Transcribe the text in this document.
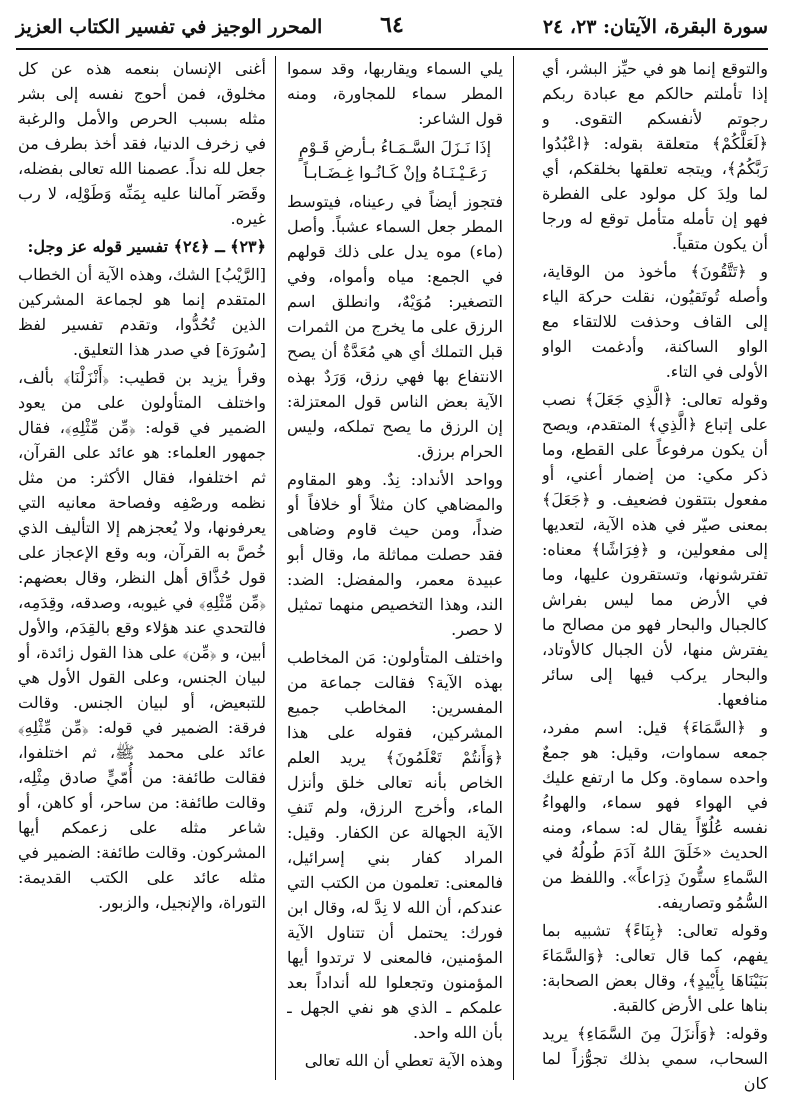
سورة البقرة، الآيتان: ٢٣، ٢٤
٦٤
المحرر الوجيز في تفسير الكتاب العزيز

والتوقع إنما هو في حيِّز البشر، أي إذا تأملتم حالكم مع عبادة ربكم رجوتم لأنفسكم التقوى. و ﴿لَعَلَّكُمْ﴾ متعلقة بقوله: ﴿اعْبُدُوا رَبَّكُمُ﴾، ويتجه تعلقها بخلقكم، أي لما ولِدَ كل مولود على الفطرة فهو إن تأمله متأمل توقع له ورجا أن يكون متقياً.

و ﴿تَتَّقُونَ﴾ مأخوذ من الوقاية، وأصله تُوتَقيُون، نقلت حركة الياء إلى القاف وحذفت للالتقاء مع الواو الساكنة، وأدغمت الواو الأولى في التاء.

وقوله تعالى: ﴿الَّذِي جَعَلَ﴾ نصب على إتباع ﴿الَّذِي﴾ المتقدم، ويصح أن يكون مرفوعاً على القطع، وما ذكر مكي: من إضمار أعني، أو مفعول بتتقون فضعيف. و ﴿جَعَلَ﴾ بمعنى صيّر في هذه الآية، لتعديها إلى مفعولين، و ﴿فِرَاشًا﴾ معناه: تفترشونها، وتستقرون عليها، وما في الأرض مما ليس بفراش كالجبال والبحار فهو من مصالح ما يفترش منها، لأن الجبال كالأوتاد، والبحار يركب فيها إلى سائر منافعها.

و ﴿السَّمَاءَ﴾ قيل: اسم مفرد، جمعه سماوات، وقيل: هو جمعٌ واحده سماوة. وكل ما ارتفع عليك في الهواء فهو سماء، والهواءُ نفسه عُلُوّاً يقال له: سماء، ومنه الحديث «خَلَقَ اللهُ آدَمَ طُولُهُ في السَّماءِ ستُّونَ ذِرَاعاً». واللفظ من السُّمُو وتصاريفه.

وقوله تعالى: ﴿بِنَاءً﴾ تشبيه بما يفهم، كما قال تعالى: ﴿وَالسَّمَاءَ بَنَيْنَاهَا بِأَيْيدٍ﴾، وقال بعض الصحابة: بناها على الأرض كالقبة.

وقوله: ﴿وَأَنزَلَ مِنَ السَّمَاءِ﴾ يريد السحاب، سمي بذلك تجوُّزاً لما كان

يلي السماء ويقاربها، وقد سموا المطر سماء للمجاورة، ومنه قول الشاعر:

إذَا نَـزَلَ السَّـمَـاءُ بـأرضِ قَـوْمٍ
رَعَـيْـنَـاهُ وإنْ كَـانُـوا غِـضَـابـاً

فتجوز أيضاً في رعيناه، فيتوسط المطر جعل السماء عشباً. وأصل (ماء) موه يدل على ذلك قولهم في الجمع: مياه وأمواه، وفي التصغير: مُوَيْهٌ، وانطلق اسم الرزق على ما يخرج من الثمرات قبل التملك أي هي مُعَدَّةٌ أن يصح الانتفاع بها فهي رزق، وَرَدٌ بهذه الآية بعض الناس قول المعتزلة: إن الرزق ما يصح تملكه، وليس الحرام برزق.

وواحد الأنداد: نِدٌ. وهو المقاوم والمضاهي كان مثلاً أو خلافاً أو ضداً، ومن حيث قاوم وضاهى فقد حصلت مماثلة ما، وقال أبو عبيدة معمر، والمفضل: الضد: الند، وهذا التخصيص منهما تمثيل لا حصر.

واختلف المتأولون: مَن المخاطب بهذه الآية؟ فقالت جماعة من المفسرين: المخاطب جميع المشركين، فقوله على هذا ﴿وَأَنتُمْ تَعْلَمُونَ﴾ يريد العلم الخاص بأنه تعالى خلق وأنزل الماء، وأخرج الرزق، ولم تَنفِ الآية الجهالة عن الكفار. وقيل: المراد كفار بني إسرائيل، فالمعنى: تعلمون من الكتب التي عندكم، أن الله لا نِدَّ له، وقال ابن فورك: يحتمل أن تتناول الآية المؤمنين، فالمعنى لا ترتدوا أيها المؤمنون وتجعلوا لله أنداداً بعد علمكم ـ الذي هو نفي الجهل ـ بأن الله واحد.

وهذه الآية تعطي أن الله تعالى

أغنى الإنسان بنعمه هذه عن كل مخلوق، فمن أحوج نفسه إلى بشر مثله بسبب الحرص والأمل والرغبة في زخرف الدنيا، فقد أخذ بطرف من جعل لله نداً. عصمنا الله تعالى بفضله، وقَصَر آمالنا عليه بِمَنِّه وَطَوْلِه، لا رب غيره.

﴿٢٣﴾ ـ ﴿٢٤﴾ تفسير قوله عز وجل:

[الرَّيْبُ] الشك، وهذه الآية أن الخطاب المتقدم إنما هو لجماعة المشركين الذين تُحُدُّوا، وتقدم تفسير لفظ [سُورَة] في صدر هذا التعليق.

وقرأ يزيد بن قطيب: ﴿أَنْزَلْنَا﴾ بألف، واختلف المتأولون على من يعود الضمير في قوله: ﴿مِّن مِّثْلِهِ﴾، فقال جمهور العلماء: هو عائد على القرآن، ثم اختلفوا، فقال الأكثر: من مثل نظمه ورصْفِه وفصاحة معانيه التي يعرفونها، ولا يُعجزهم إلا التأليف الذي خُصَّ به القرآن، وبه وقع الإعجاز على قول حُذَّاق أهل النظر، وقال بعضهم: ﴿مِّن مِّثْلِهِ﴾ في غيوبه، وصدقه، وقِدَمِه، فالتحدي عند هؤلاء وقع بالقِدَم، والأول أبين، و ﴿مِّن﴾ على هذا القول زائدة، أو لبيان الجنس، وعلى القول الأول هي للتبعيض، أو لبيان الجنس. وقالت فرقة: الضمير في قوله: ﴿مِّن مِّثْلِهِ﴾ عائد على محمد ﷺ، ثم اختلفوا، فقالت طائفة: من أُمّيٍّ صادق مِثْلِه، وقالت طائفة: من ساحر، أو كاهن، أو شاعر مثله على زعمكم أيها المشركون. وقالت طائفة: الضمير في مثله عائد على الكتب القديمة: التوراة، والإنجيل، والزبور.
